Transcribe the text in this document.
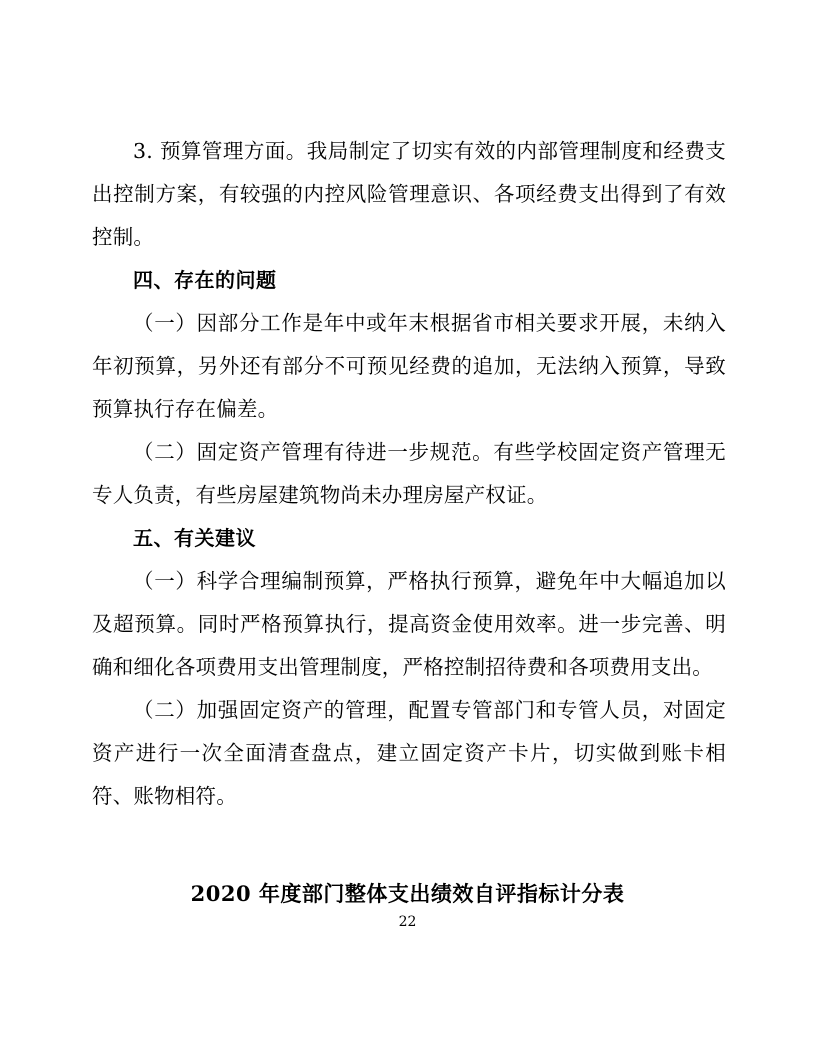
3. 预算管理方面。我局制定了切实有效的内部管理制度和经费支出控制方案，有较强的内控风险管理意识、各项经费支出得到了有效控制。

四、存在的问题

（一）因部分工作是年中或年末根据省市相关要求开展，未纳入年初预算，另外还有部分不可预见经费的追加，无法纳入预算，导致预算执行存在偏差。

（二）固定资产管理有待进一步规范。有些学校固定资产管理无专人负责，有些房屋建筑物尚未办理房屋产权证。

五、有关建议

（一）科学合理编制预算，严格执行预算，避免年中大幅追加以及超预算。同时严格预算执行，提高资金使用效率。进一步完善、明确和细化各项费用支出管理制度，严格控制招待费和各项费用支出。

（二）加强固定资产的管理，配置专管部门和专管人员，对固定资产进行一次全面清查盘点，建立固定资产卡片，切实做到账卡相符、账物相符。

2020 年度部门整体支出绩效自评指标计分表
22
